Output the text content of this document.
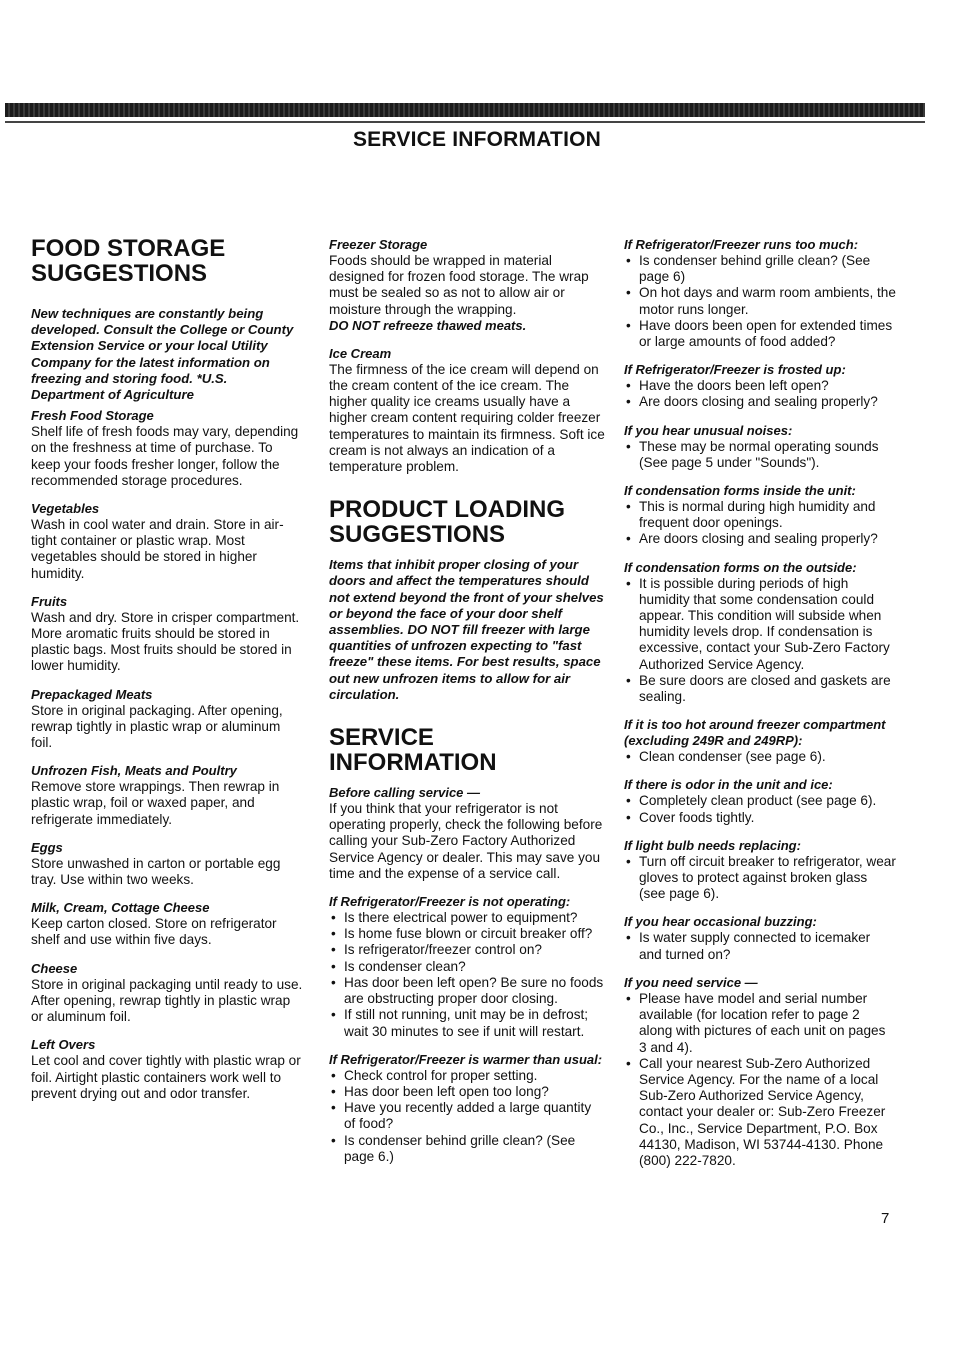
SERVICE INFORMATION
FOOD STORAGE SUGGESTIONS

New techniques are constantly being developed. Consult the College or County Extension Service or your local Utility Company for the latest information on freezing and storing food. *U.S. Department of Agriculture

Fresh Food Storage

Shelf life of fresh foods may vary, depending on the freshness at time of purchase. To keep your foods fresher longer, follow the recommended storage procedures.

Vegetables

Wash in cool water and drain. Store in air-tight container or plastic wrap. Most vegetables should be stored in higher humidity.

Fruits

Wash and dry. Store in crisper compartment. More aromatic fruits should be stored in plastic bags. Most fruits should be stored in lower humidity.

Prepackaged Meats

Store in original packaging. After opening, rewrap tightly in plastic wrap or aluminum foil.

Unfrozen Fish, Meats and Poultry

Remove store wrappings. Then rewrap in plastic wrap, foil or waxed paper, and refrigerate immediately.

Eggs

Store unwashed in carton or portable egg tray. Use within two weeks.

Milk, Cream, Cottage Cheese

Keep carton closed. Store on refrigerator shelf and use within five days.

Cheese

Store in original packaging until ready to use. After opening, rewrap tightly in plastic wrap or aluminum foil.

Left Overs

Let cool and cover tightly with plastic wrap or foil. Airtight plastic containers work well to prevent drying out and odor transfer.

Freezer Storage

Foods should be wrapped in material designed for frozen food storage. The wrap must be sealed so as not to allow air or moisture through the wrapping.

DO NOT refreeze thawed meats.

Ice Cream

The firmness of the ice cream will depend on the cream content of the ice cream. The higher quality ice creams usually have a higher cream content requiring colder freezer temperatures to maintain its firmness. Soft ice cream is not always an indication of a temperature problem.

PRODUCT LOADING SUGGESTIONS

Items that inhibit proper closing of your doors and affect the temperatures should not extend beyond the front of your shelves or beyond the face of your door shelf assemblies. DO NOT fill freezer with large quantities of unfrozen expecting to "fast freeze" these items. For best results, space out new unfrozen items to allow for air circulation.

SERVICE INFORMATION

Before calling service —

If you think that your refrigerator is not operating properly, check the following before calling your Sub-Zero Factory Authorized Service Agency or dealer. This may save you time and the expense of a service call.

If Refrigerator/Freezer is not operating:

• Is there electrical power to equipment?
• Is home fuse blown or circuit breaker off?
• Is refrigerator/freezer control on?
• Is condenser clean?
• Has door been left open? Be sure no foods are obstructing proper door closing.
• If still not running, unit may be in defrost; wait 30 minutes to see if unit will restart.

If Refrigerator/Freezer is warmer than usual:

• Check control for proper setting.
• Has door been left open too long?
• Have you recently added a large quantity of food?
• Is condenser behind grille clean? (See page 6.)

If Refrigerator/Freezer runs too much:

• Is condenser behind grille clean? (See page 6)
• On hot days and warm room ambients, the motor runs longer.
• Have doors been open for extended times or large amounts of food added?

If Refrigerator/Freezer is frosted up:

• Have the doors been left open?
• Are doors closing and sealing properly?

If you hear unusual noises:

• These may be normal operating sounds (See page 5 under "Sounds").

If condensation forms inside the unit:

• This is normal during high humidity and frequent door openings.
• Are doors closing and sealing properly?

If condensation forms on the outside:

• It is possible during periods of high humidity that some condensation could appear. This condition will subside when humidity levels drop. If condensation is excessive, contact your Sub-Zero Factory Authorized Service Agency.
• Be sure doors are closed and gaskets are sealing.

If it is too hot around freezer compartment (excluding 249R and 249RP):

• Clean condenser (see page 6).

If there is odor in the unit and ice:

• Completely clean product (see page 6).
• Cover foods tightly.

If light bulb needs replacing:

• Turn off circuit breaker to refrigerator, wear gloves to protect against broken glass (see page 6).

If you hear occasional buzzing:

• Is water supply connected to icemaker and turned on?

If you need service —

• Please have model and serial number available (for location refer to page 2 along with pictures of each unit on pages 3 and 4).
• Call your nearest Sub-Zero Authorized Service Agency. For the name of a local Sub-Zero Authorized Service Agency, contact your dealer or: Sub-Zero Freezer Co., Inc., Service Department, P.O. Box 44130, Madison, WI 53744-4130. Phone (800) 222-7820.
7
